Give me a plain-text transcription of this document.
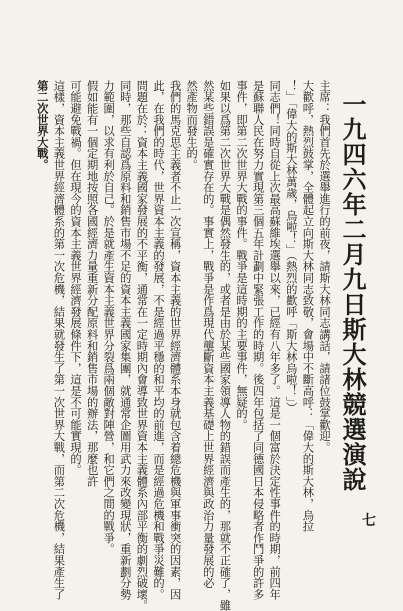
一九四六年二月九日斯大林競選演說
主席：我們首先於選舉進行的前夜，請斯大林同志講話，請諸位鼓掌歡迎。
大歡呼，熱烈鼓掌，全體起立向斯大林同志致敬，會場中不斷高呼：「偉大的斯大林，烏拉
！」「偉大的斯大林萬歲，烏啦！」（熱烈的歡呼「斯大林烏啦！」）
同志們！同時自從上次最高蘇維埃選舉以來，已經有八年多了。這是一個富於決定性事件的時期，前四年
是蘇聯人民在努力實現第三個五年計劃中緊張工作的時期。後四年包括了同德國日本侵略者作鬥爭的許多
事件，即第二次世界大戰的事件。戰爭是這時期的主要事件，無疑的。
如果以爲第二次世界大戰是偶然發生的，或者是由於某些國家領導人物的錯誤而產生的，那就不正確了，雖
然某些錯誤是確實存在的。事實上，戰爭是作爲現代壟斷資本主義基礎上世界經濟與政治力量發展的必
然產物而發生的。
我們的馬克思主義者不止一次宣稱，資本主義的世界經濟體系本身就包含着總危機與軍事衝突的因素，因
此，在我們的時代，世界資本主義的發展，不是經過平穩的和平均的前進，而是經過危機和戰爭災難的。
問題在於：資本主義國家發展的不平衡，通常在一定時期內會導致世界資本主義體系內部平衡的劇烈破壞。
同時，那些自認爲原料和銷售市場不足的資本主義國家集團，就通常企圖用武力來改變現狀，重新劃分勢
力範圍，以求有利於自己。於是就產生資本主義世界分裂爲兩個敵對陣營，和它們之間的戰爭。
假如能有一個定期地按照各國經濟力量重新分配原料和銷售市場的辦法，那麼也許
可能避免戰禍。但在現今的資本主義世界經濟發展條件下，這是不可能實現的。
這樣，資本主義世界經濟體系的第一次危機，結果就發生了第一次世界大戰，而第二次危機，結果產生了
第二次世界大戰。
七
